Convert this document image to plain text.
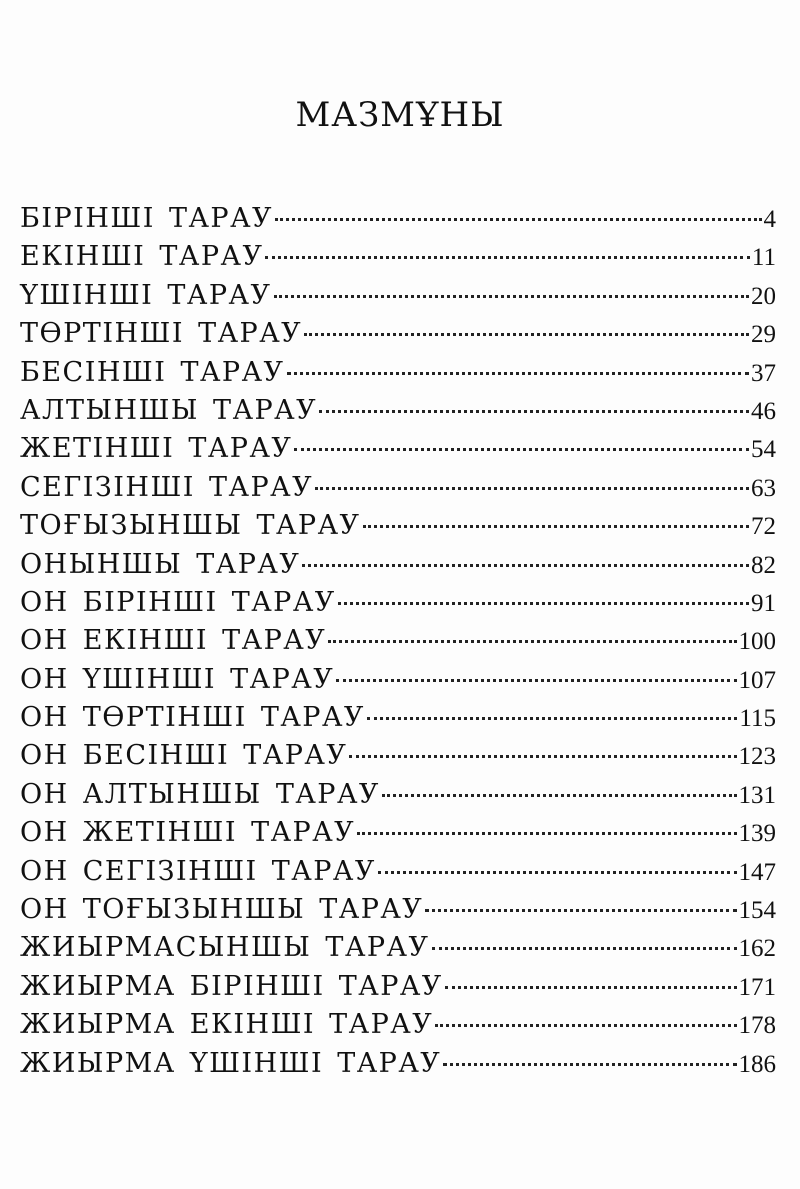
МАЗМҰНЫ
БІРІНШІ ТАРАУ	4
ЕКІНШІ ТАРАУ	11
ҮШІНШІ ТАРАУ	20
ТӨРТІНШІ ТАРАУ	29
БЕСІНШІ ТАРАУ	37
АЛТЫНШЫ ТАРАУ	46
ЖЕТІНШІ ТАРАУ	54
СЕГІЗІНШІ ТАРАУ	63
ТОҒЫЗЫНШЫ ТАРАУ	72
ОНЫНШЫ ТАРАУ	82
ОН БІРІНШІ ТАРАУ	91
ОН ЕКІНШІ ТАРАУ	100
ОН ҮШІНШІ ТАРАУ	107
ОН ТӨРТІНШІ ТАРАУ	115
ОН БЕСІНШІ ТАРАУ	123
ОН АЛТЫНШЫ ТАРАУ	131
ОН ЖЕТІНШІ ТАРАУ	139
ОН СЕГІЗІНШІ ТАРАУ	147
ОН ТОҒЫЗЫНШЫ ТАРАУ	154
ЖИЫРМАСЫНШЫ ТАРАУ	162
ЖИЫРМА БІРІНШІ ТАРАУ	171
ЖИЫРМА ЕКІНШІ ТАРАУ	178
ЖИЫРМА ҮШІНШІ ТАРАУ	186
